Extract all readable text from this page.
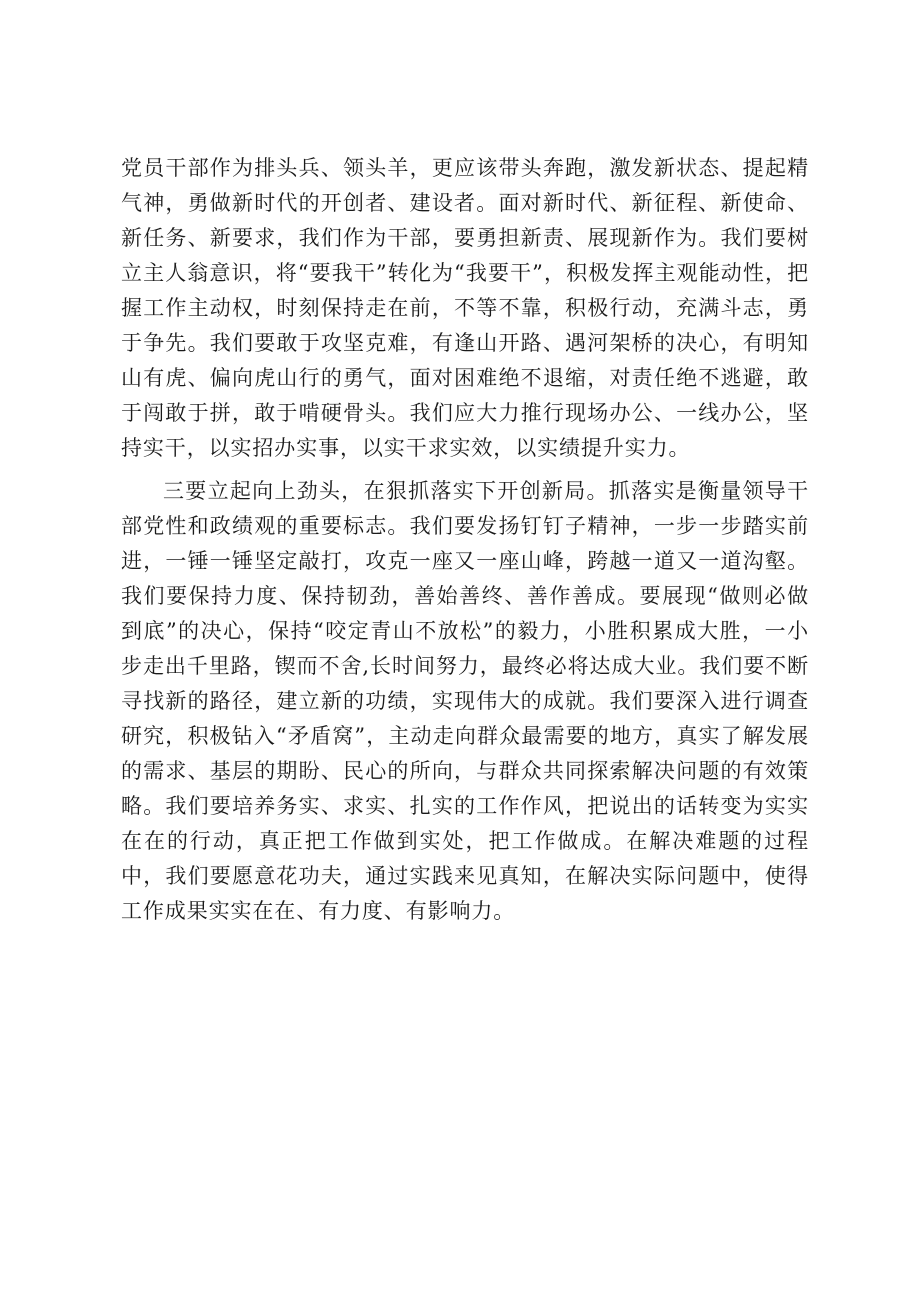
党员干部作为排头兵、领头羊，更应该带头奔跑，激发新状态、提起精气神，勇做新时代的开创者、建设者。面对新时代、新征程、新使命、新任务、新要求，我们作为干部，要勇担新责、展现新作为。我们要树立主人翁意识，将“要我干”转化为“我要干”，积极发挥主观能动性，把握工作主动权，时刻保持走在前，不等不靠，积极行动，充满斗志，勇于争先。我们要敢于攻坚克难，有逢山开路、遇河架桥的决心，有明知山有虎、偏向虎山行的勇气，面对困难绝不退缩，对责任绝不逃避，敢于闯敢于拼，敢于啃硬骨头。我们应大力推行现场办公、一线办公，坚持实干，以实招办实事，以实干求实效，以实绩提升实力。

三要立起向上劲头，在狠抓落实下开创新局。抓落实是衡量领导干部党性和政绩观的重要标志。我们要发扬钉钉子精神，一步一步踏实前进，一锤一锤坚定敲打，攻克一座又一座山峰，跨越一道又一道沟壑。我们要保持力度、保持韧劲，善始善终、善作善成。要展现“做则必做到底”的决心，保持“咬定青山不放松”的毅力，小胜积累成大胜，一小步走出千里路，锲而不舍,长时间努力，最终必将达成大业。我们要不断寻找新的路径，建立新的功绩，实现伟大的成就。我们要深入进行调查研究，积极钻入“矛盾窝”，主动走向群众最需要的地方，真实了解发展的需求、基层的期盼、民心的所向，与群众共同探索解决问题的有效策略。我们要培养务实、求实、扎实的工作作风，把说出的话转变为实实在在的行动，真正把工作做到实处，把工作做成。在解决难题的过程中，我们要愿意花功夫，通过实践来见真知，在解决实际问题中，使得工作成果实实在在、有力度、有影响力。
